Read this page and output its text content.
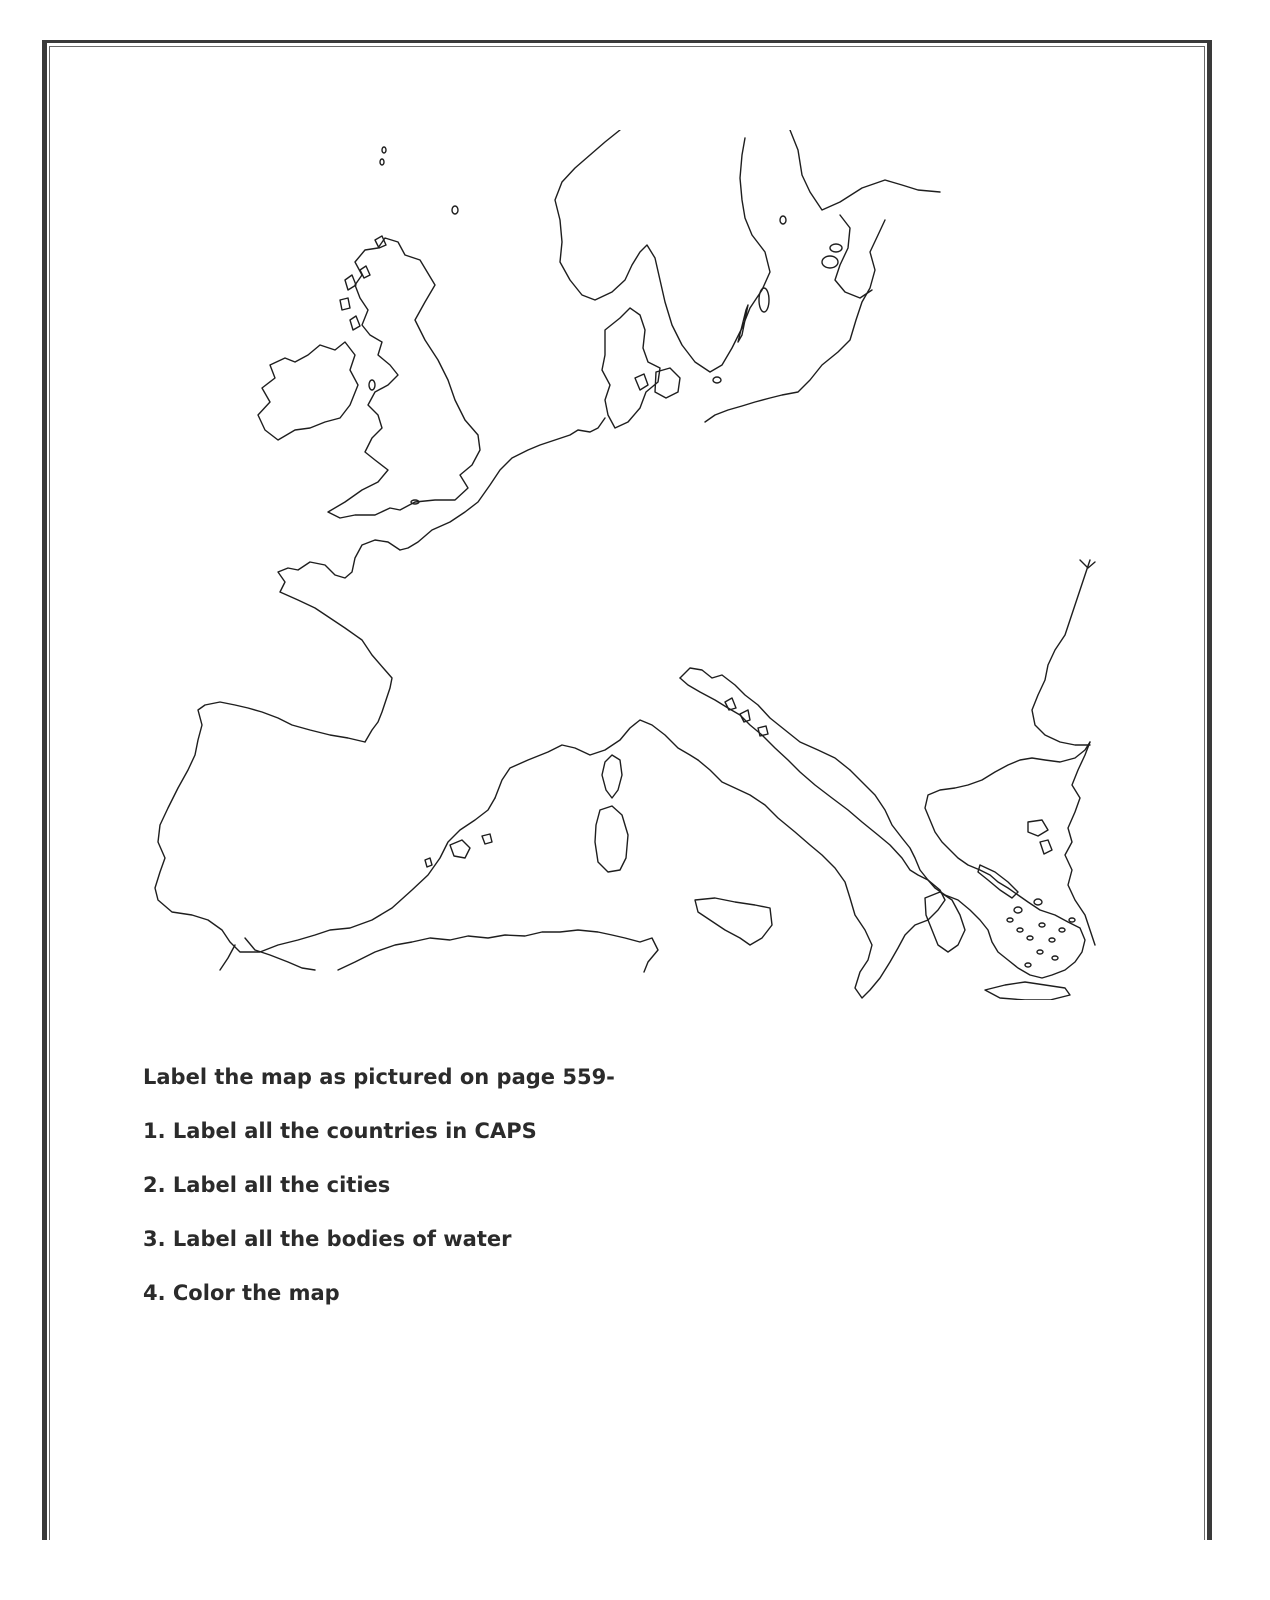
Label the map as pictured on page 559-
1. Label all the countries in CAPS
2. Label all the cities
3. Label all the bodies of water
4. Color the map
